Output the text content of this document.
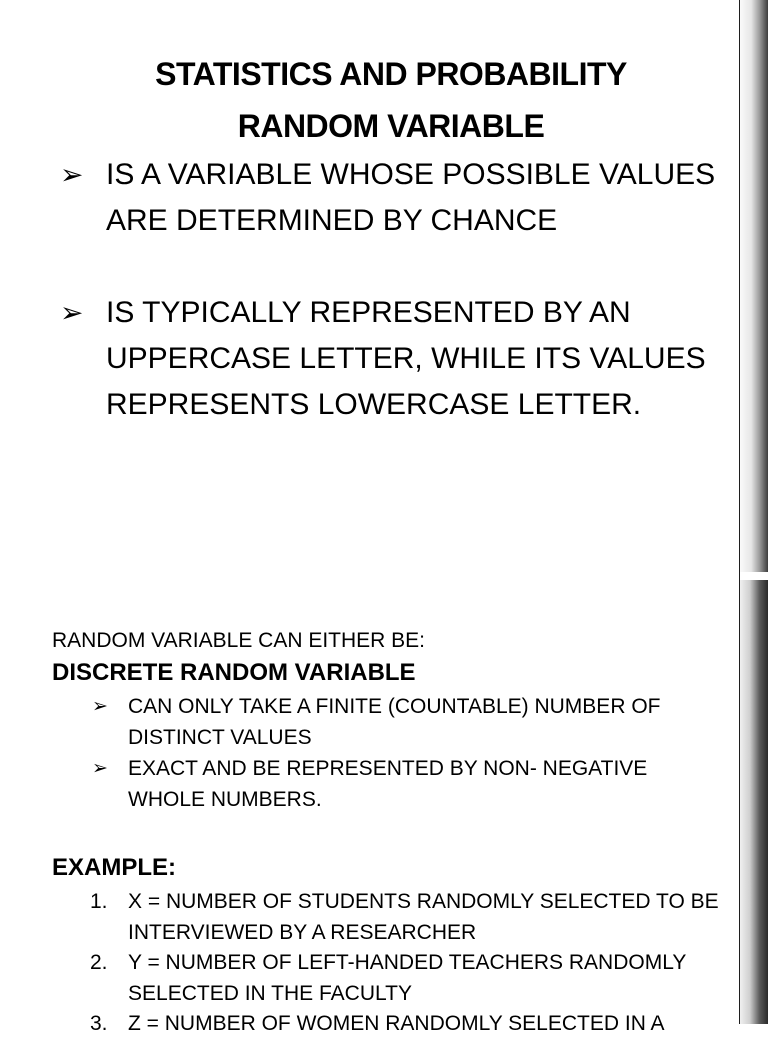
STATISTICS AND PROBABILITY
RANDOM VARIABLE
➢ IS A VARIABLE WHOSE POSSIBLE VALUES ARE DETERMINED BY CHANCE
➢ IS TYPICALLY REPRESENTED BY AN UPPERCASE LETTER, WHILE ITS VALUES REPRESENTS LOWERCASE LETTER.
RANDOM VARIABLE CAN EITHER BE:
DISCRETE RANDOM VARIABLE
➢ CAN ONLY TAKE A FINITE (COUNTABLE) NUMBER OF DISTINCT VALUES
➢ EXACT AND BE REPRESENTED BY NON- NEGATIVE WHOLE NUMBERS.
EXAMPLE:
1. X = NUMBER OF STUDENTS RANDOMLY SELECTED TO BE INTERVIEWED BY A RESEARCHER
2. Y = NUMBER OF LEFT-HANDED TEACHERS RANDOMLY SELECTED IN THE FACULTY
3. Z = NUMBER OF WOMEN RANDOMLY SELECTED IN A
